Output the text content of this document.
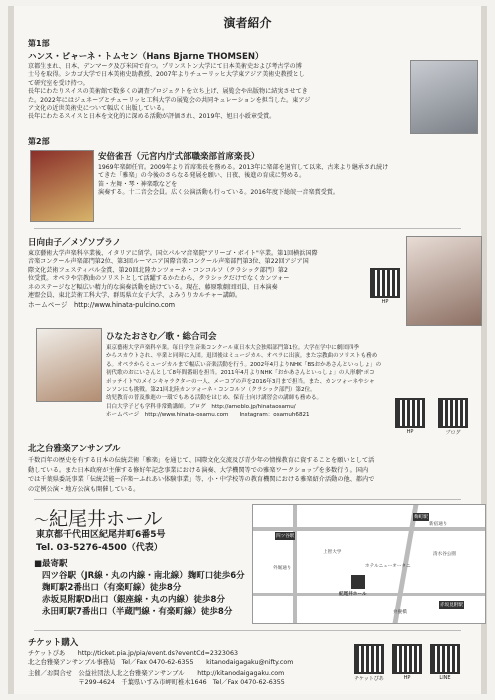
演者紹介
第1部
ハンス・ビャーネ・トムセン（Hans Bjarne THOMSEN）
京都生まれ、日本、デンマーク及び米国で育つ。プリンストン大学にて日本美術史および考古学の博
士号を取得。シカゴ大学で日本美術史助教授、2007年よりチューリッヒ大学東アジア美術史教授とし
て研究室を受け持つ。
長年にわたりスイスの美術館で数多くの調査プロジェクトを立ち上げ、展覧会や出版物に結実させてき
た。2022年にはジュネーブとチューリッヒ工科大学の展覧会の共同キュレーションを担当した。東アジ
ア文化の近世美術史について幅広く出版している。
長年にわたるスイスと日本を文化的に深める活動が評価され、2019年、旭日小綬章受賞。
第2部
安倍雀吾（元宮内庁式部職楽部首席楽長）
1969年楽師任官。2009年より首席楽長を務める。2013年に楽部を退官して以来、古来より継承され続け
てきた「雅楽」の今後のさらなる発展を願い、日夜、後進の育成に努める。
笛・左舞・琴・神楽歌などを
演奏する。十二音会会員。広く公演活動も行っている。2016年度下総皖一音楽賞受賞。
日向由子／メゾソプラノ
東京藝術大学声楽科卒業後、イタリアに留学。国立パルマ音楽院"アリーゴ・ボイト"卒業。第1回横浜国際
音楽コンクール声楽部門第2位、第3回ルーマニア国際音楽コンクール声楽部門第3位、第22回アジア国
際文化芸術フェスティバル金賞、第20回北陸カンツォーネ・コンコルソ（クラシック部門）第2
位受賞。オペラや宗教曲のソリストとして活躍するかたわら、クラシックだけでなくカンツォー
ネのステージなど幅広い精力的な演奏活動を続けている。現在、藤原歌劇団団員、日本演奏
連盟会員、東北芸術工科大学、群馬県立女子大学、よみうりカルチャー講師。
ホームページ　http://www.hinata-pulcino.com	HP
ひなたおさむ／歌・総合司会
東京藝術大学声楽科卒業。毎日学生音楽コンクール東日本大会独唱部門第1位。大学在学中に劇団四季
からスカウトされ、卒業と同時に入団。退団後はミュージカル、オペラに出演。また宗教曲のソリストも務め
る。オペラからミュージカルまで幅広い音楽活動を行う。2002年4月よりNHK「BSおかあさんといっしょ」の
初代歌のおにいさんとして8年間番組を担当。2011年4月よりNHK「おかあさんといっしょ」の人形劇"ポコ
ポッテイト"のメインキャラクターの一人、メーコブの声を2016年3月まで担当。また、カンツォーネやシャ
ンソンにも挑戦。第21回北陸カンツォーネ・コンコルソ（クラシック部門）第2位。
幼児教育の普及推進の一環でもある活動をはじめ、保育士向け講習会の講師も務める。
目白大学子ども学科非常勤講師。ブログ　http://ameblo.jp/hinataosamu/
ホームページ　http://www.hinata-osamu.com　　Instagram：osamuh6821
HP	ブログ
北之台雅楽アンサンブル
千数百年の歴史を有する日本の伝統芸術「雅楽」を通じて、国際文化交流及び青少年の情操教育に資することを願いとして活
動している。また日本政府が主催する修好年記念事業における演奏、大学機関等での雅楽ワークショップを多数行う。国内
では千葉県委託事業「伝統芸能〜洋楽〜ふれあい体験事業」等、小・中学校等の教育機関における雅楽紹介活動の他、都内で
の定例公演・地方公演も開催している。
〜紀尾井ホール
東京都千代田区紀尾井町6番5号
Tel. 03-5276-4500（代表）
■最寄駅
四ツ谷駅（JR線・丸の内線・南北線）麹町口徒歩6分
麹町駅2番出口（有楽町線）徒歩8分
赤坂見附駅D出口（銀座線・丸の内線）徒歩8分
永田町駅7番出口（半蔵門線・有楽町線）徒歩8分
四ツ谷駅
紀尾井ホール
上智大学
ホテルニューオータニ
赤坂見附駅
麹町駅
新宿通り
外堀通り
弁慶橋
清水谷公園
チケット購入
チケットぴあ　　http://ticket.pia.jp/pia/event.ds?eventCd=2323063
北之台雅楽アンサンブル事務局　Tel／Fax 0470-62-6355　　kitanodaigagaku@nifty.com
主催／お問合せ　公益社団法人北之台雅楽アンサンブル　　http://kitanodaigagaku.com
　　　　　　　　〒299-4624　千葉県いすみ市岬町椎木1646　Tel／Fax 0470-62-6355	チケットぴあ	HP	LINE
